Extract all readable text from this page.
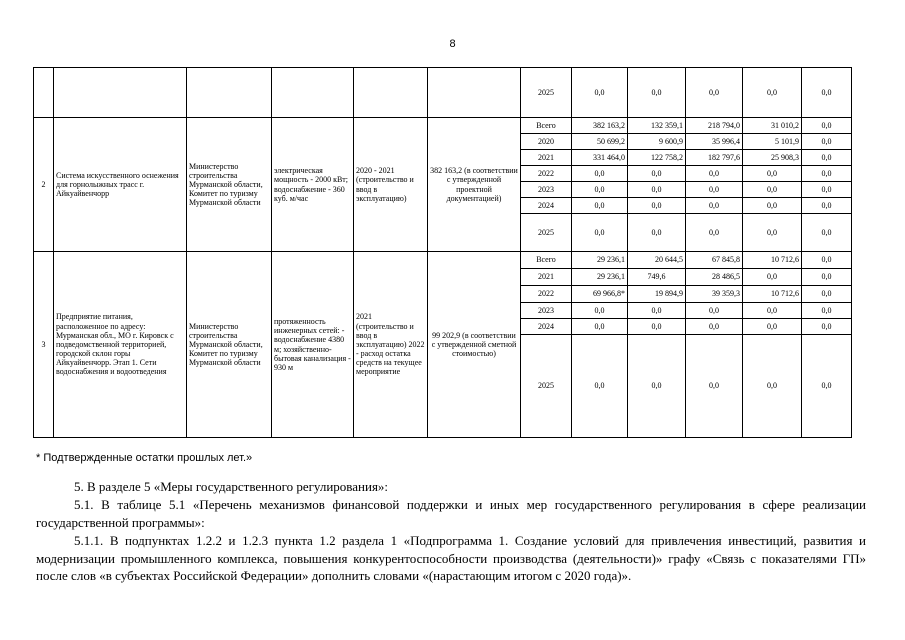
8
						2025	0,0	0,0	0,0	0,0	0,0
2	Система искусственного оснежения для горнолыжных трасс г. Айкуайвенчорр	Министерство строительства Мурманской области, Комитет по туризму Мурманской области	электрическая мощность - 2000 кВт; водоснабжение - 360 куб. м/час	2020 - 2021 (строительство и ввод в эксплуатацию)	382 163,2 (в соответствии с утвержденной проектной документацией)	Всего	382 163,2	132 359,1	218 794,0	31 010,2	0,0
						2020	50 699,2	9 600,9	35 996,4	5 101,9	0,0
						2021	331 464,0	122 758,2	182 797,6	25 908,3	0,0
						2022	0,0	0,0	0,0	0,0	0,0
						2023	0,0	0,0	0,0	0,0	0,0
						2024	0,0	0,0	0,0	0,0	0,0
						2025	0,0	0,0	0,0	0,0	0,0
3	Предприятие питания, расположенное по адресу: Мурманская обл., МО г. Кировск с подведомственной территорией, городской склон горы Айкуайвенчорр. Этап 1. Сети водоснабжения и водоотведения	Министерство строительства Мурманской области, Комитет по туризму Мурманской области	протяженность инженерных сетей: - водоснабжение 4380 м; хозяйственно-бытовая канализация - 930 м	2021 (строительство и ввод в эксплуатацию) 2022 - расход остатка средств на текущее мероприятие	99 202,9 (в соответствии с утвержденной сметной стоимостью)	Всего	29 236,1	20 644,5	67 845,8	10 712,6	0,0
						2021	29 236,1	749,6	28 486,5	0,0	0,0
						2022	69 966,8*	19 894,9	39 359,3	10 712,6	0,0
						2023	0,0	0,0	0,0	0,0	0,0
						2024	0,0	0,0	0,0	0,0	0,0
						2025	0,0	0,0	0,0	0,0	0,0
* Подтвержденные остатки прошлых лет.»
5. В разделе 5 «Меры государственного регулирования»:
5.1. В таблице 5.1 «Перечень механизмов финансовой поддержки и иных мер государственного регулирования в сфере реализации государственной программы»:
5.1.1. В подпунктах 1.2.2 и 1.2.3 пункта 1.2 раздела 1 «Подпрограмма 1. Создание условий для привлечения инвестиций, развития и модернизации промышленного комплекса, повышения конкурентоспособности производства (деятельности)» графу «Связь с показателями ГП» после слов «в субъектах Российской Федерации» дополнить словами «(нарастающим итогом с 2020 года)».
